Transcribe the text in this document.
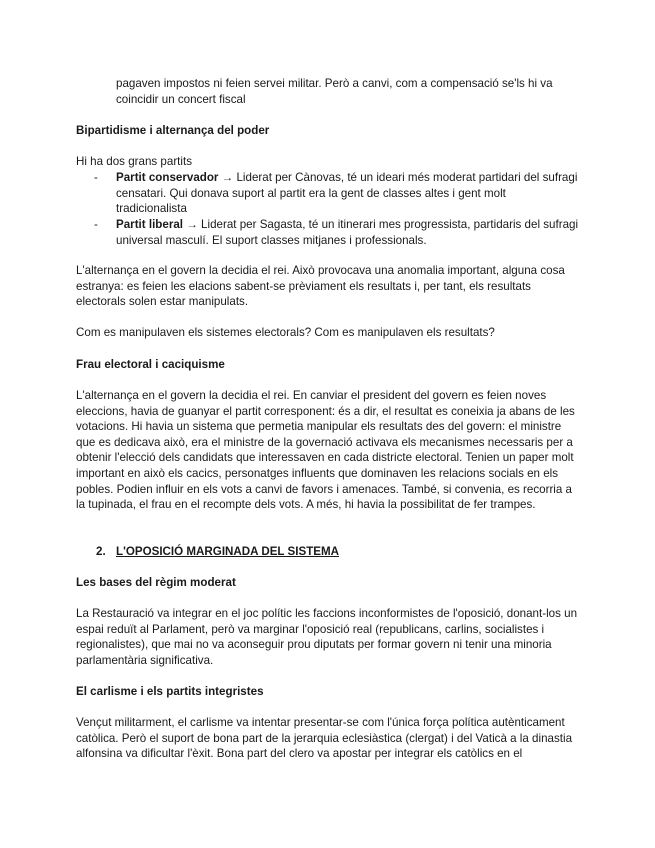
pagaven impostos ni feien servei militar. Però a canvi, com a compensació se'ls hi va

coincidir un concert fiscal

Bipartidisme i alternança del poder

Hi ha dos grans partits

- Partit conservador → Liderat per Cànovas, té un ideari més moderat partidari del sufragi censatari. Qui donava suport al partit era la gent de classes altes i gent molt tradicionalista
- Partit liberal → Liderat per Sagasta, té un itinerari mes progressista, partidaris del sufragi universal masculí. El suport classes mitjanes i professionals.

L'alternança en el govern la decidia el rei. Això provocava una anomalia important, alguna cosa estranya: es feien les elacions sabent-se prèviament els resultats i, per tant, els resultats electorals solen estar manipulats.

Com es manipulaven els sistemes electorals? Com es manipulaven els resultats?

Frau electoral i caciquisme

L'alternança en el govern la decidia el rei. En canviar el president del govern es feien noves eleccions, havia de guanyar el partit corresponent: és a dir, el resultat es coneixia ja abans de les votacions. Hi havia un sistema que permetia manipular els resultats des del govern: el ministre que es dedicava això, era el ministre de la governació activava els mecanismes necessaris per a obtenir l'elecció dels candidats que interessaven en cada districte electoral. Tenien un paper molt important en això els cacics, personatges influents que dominaven les relacions socials en els pobles. Podien influir en els vots a canvi de favors i amenaces. També, si convenia, es recorria a la tupinada, el frau en el recompte dels vots. A més, hi havia la possibilitat de fer trampes.

2. L'OPOSICIÓ MARGINADA DEL SISTEMA

Les bases del règim moderat

La Restauració va integrar en el joc polític les faccions inconformistes de l'oposició, donant-los un espai reduït al Parlament, però va marginar l'oposició real (republicans, carlins, socialistes i regionalistes), que mai no va aconseguir prou diputats per formar govern ni tenir una minoria parlamentària significativa.

El carlisme i els partits integristes

Vençut militarment, el carlisme va intentar presentar-se com l'única força política autènticament catòlica. Però el suport de bona part de la jerarquia eclesiàstica (clergat) i del Vaticà a la dinastia alfonsina va dificultar l'èxit. Bona part del clero va apostar per integrar els catòlics en el
